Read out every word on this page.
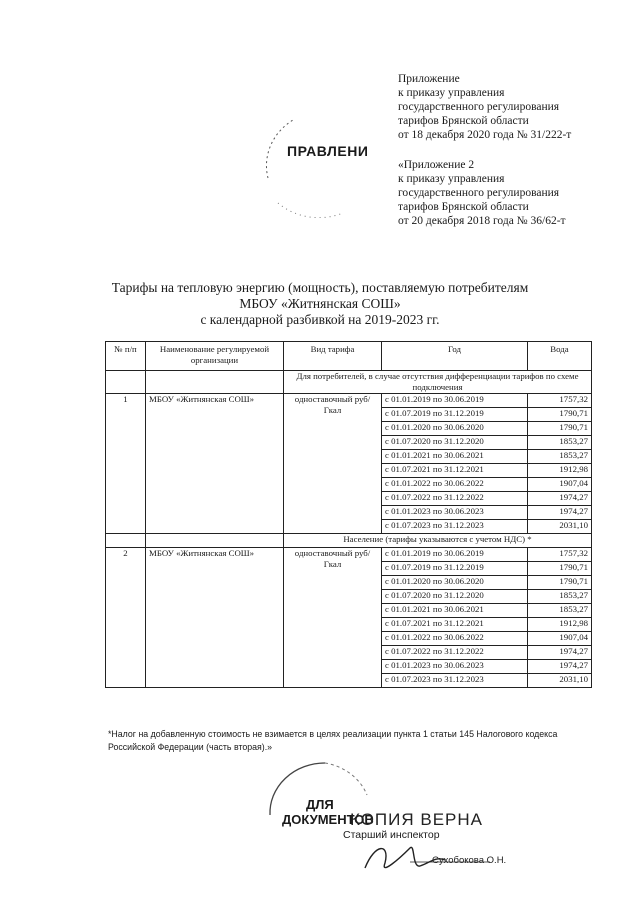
Приложение
к приказу управления
государственного регулирования
тарифов Брянской области
от 18 декабря 2020 года № 31/222-т
«Приложение 2
к приказу управления
государственного регулирования
тарифов Брянской области
от 20 декабря 2018 года № 36/62-т
ПРАВЛЕНИ
Тарифы на тепловую энергию (мощность), поставляемую потребителям
МБОУ «Житнянская СОШ»
с календарной разбивкой на 2019-2023 гг.
№ п/п	Наименование регулируемой организации	Вид тарифа	Год	Вода
		Для потребителей, в случае отсутствия дифференциации тарифов по схеме подключения		
1	МБОУ «Житнянская СОШ»	одноставочный руб/Гкал	с 01.01.2019 по 30.06.2019	1757,32
			с 01.07.2019 по 31.12.2019	1790,71
			с 01.01.2020 по 30.06.2020	1790,71
			с 01.07.2020 по 31.12.2020	1853,27
			с 01.01.2021 по 30.06.2021	1853,27
			с 01.07.2021 по 31.12.2021	1912,98
			с 01.01.2022 по 30.06.2022	1907,04
			с 01.07.2022 по 31.12.2022	1974,27
			с 01.01.2023 по 30.06.2023	1974,27
			с 01.07.2023 по 31.12.2023	2031,10
		Население (тарифы указываются с учетом НДС) *		
2	МБОУ «Житнянская СОШ»	одноставочный руб/Гкал	с 01.01.2019 по 30.06.2019	1757,32
			с 01.07.2019 по 31.12.2019	1790,71
			с 01.01.2020 по 30.06.2020	1790,71
			с 01.07.2020 по 31.12.2020	1853,27
			с 01.01.2021 по 30.06.2021	1853,27
			с 01.07.2021 по 31.12.2021	1912,98
			с 01.01.2022 по 30.06.2022	1907,04
			с 01.07.2022 по 31.12.2022	1974,27
			с 01.01.2023 по 30.06.2023	1974,27
			с 01.07.2023 по 31.12.2023	2031,10
*Налог на добавленную стоимость не взимается в целях реализации пункта 1 статьи 145 Налогового кодекса Российской Федерации (часть вторая).»
ДЛЯ
ДОКУМЕНТОВ
КОПИЯ ВЕРНА
Старший инспектор
Сухобокова О.Н.
